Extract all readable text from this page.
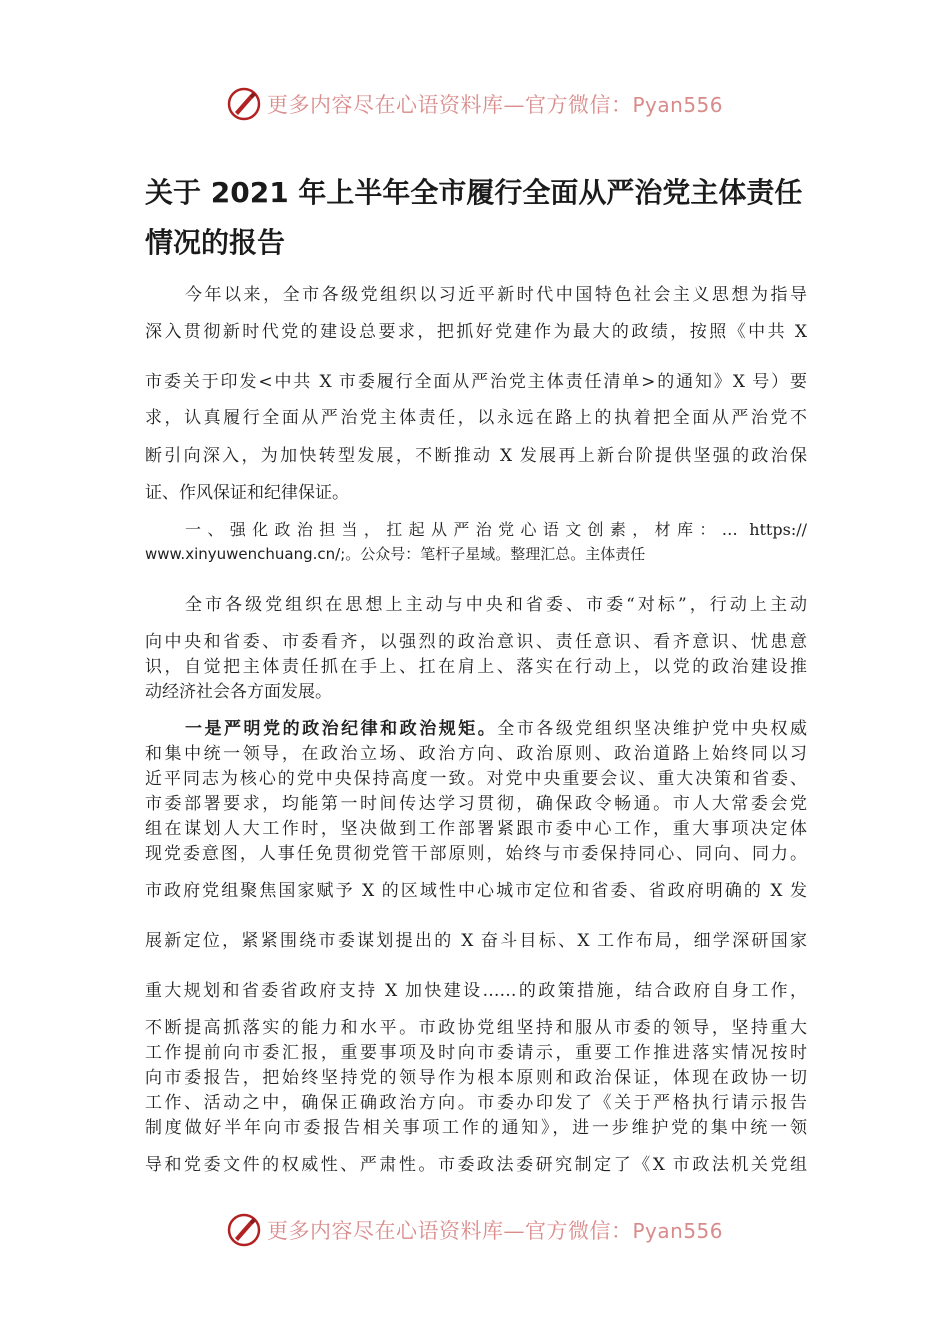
更多内容尽在心语资料库—官方微信：Pyan556
关于 2021 年上半年全市履行全面从严治党主体责任
情况的报告
今年以来，全市各级党组织以习近平新时代中国特色社会主义思想为指导
深入贯彻新时代党的建设总要求，把抓好党建作为最大的政绩，按照《中共 X
市委关于印发<中共 X 市委履行全面从严治党主体责任清单>的通知》X 号）要
求，认真履行全面从严治党主体责任，以永远在路上的执着把全面从严治党不
断引向深入，为加快转型发展，不断推动 X 发展再上新台阶提供坚强的政治保
证、作风保证和纪律保证。
一、强化政治担当，扛起从严治党心语文创素，材库：… https://
www.xinyuwenchuang.cn/;。公众号：笔杆子星域。整理汇总。主体责任
全市各级党组织在思想上主动与中央和省委、市委“对标”，行动上主动
向中央和省委、市委看齐，以强烈的政治意识、责任意识、看齐意识、忧患意
识，自觉把主体责任抓在手上、扛在肩上、落实在行动上，以党的政治建设推
动经济社会各方面发展。
一是严明党的政治纪律和政治规矩。全市各级党组织坚决维护党中央权威
和集中统一领导，在政治立场、政治方向、政治原则、政治道路上始终同以习
近平同志为核心的党中央保持高度一致。对党中央重要会议、重大决策和省委、
市委部署要求，均能第一时间传达学习贯彻，确保政令畅通。市人大常委会党
组在谋划人大工作时，坚决做到工作部署紧跟市委中心工作，重大事项决定体
现党委意图，人事任免贯彻党管干部原则，始终与市委保持同心、同向、同力。
市政府党组聚焦国家赋予 X 的区域性中心城市定位和省委、省政府明确的 X 发
展新定位，紧紧围绕市委谋划提出的 X 奋斗目标、X 工作布局，细学深研国家
重大规划和省委省政府支持 X 加快建设……的政策措施，结合政府自身工作，
不断提高抓落实的能力和水平。市政协党组坚持和服从市委的领导，坚持重大
工作提前向市委汇报，重要事项及时向市委请示，重要工作推进落实情况按时
向市委报告，把始终坚持党的领导作为根本原则和政治保证，体现在政协一切
工作、活动之中，确保正确政治方向。市委办印发了《关于严格执行请示报告
制度做好半年向市委报告相关事项工作的通知》，进一步维护党的集中统一领
导和党委文件的权威性、严肃性。市委政法委研究制定了《X 市政法机关党组
更多内容尽在心语资料库—官方微信：Pyan556
